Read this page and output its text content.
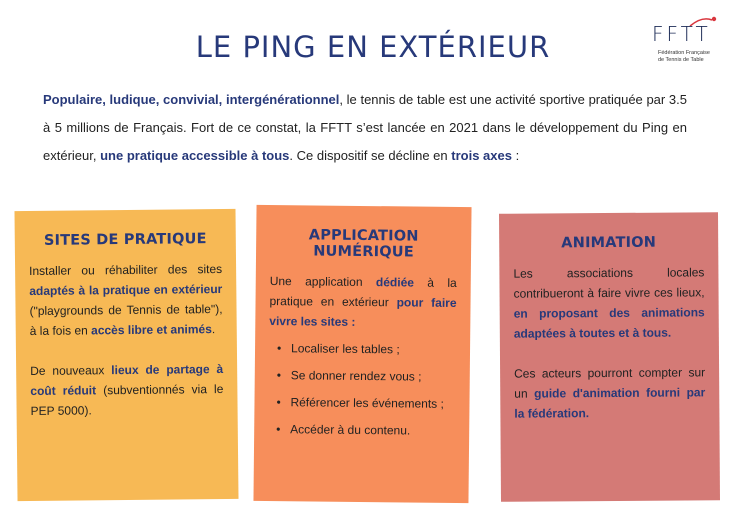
LE PING EN EXTÉRIEUR	FFTT
Fédération Française
de Tennis de Table

Populaire, ludique, convivial, intergénérationnel, le tennis de table est une activité sportive pratiquée par 3.5 à 5 millions de Français. Fort de ce constat, la FFTT s’est lancée en 2021 dans le développement du Ping en extérieur, une pratique accessible à tous. Ce dispositif se décline en trois axes :

SITES DE PRATIQUE

Installer ou réhabiliter des sites adaptés à la pratique en extérieur ("playgrounds de Tennis de table"), à la fois en accès libre et animés.

De nouveaux lieux de partage à coût réduit (subventionnés via le PEP 5000).

APPLICATION NUMÉRIQUE

Une application dédiée à la pratique en extérieur pour faire vivre les sites :

• Localiser les tables ;
• Se donner rendez vous ;
• Référencer les événements ;
• Accéder à du contenu.
ANIMATION

Les associations locales contribueront à faire vivre ces lieux, en proposant des animations adaptées à toutes et à tous.

Ces acteurs pourront compter sur un guide d'animation fourni par la fédération.
